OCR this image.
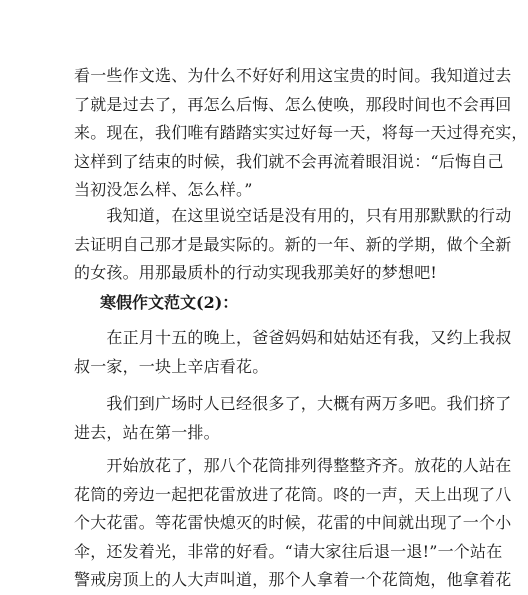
看一些作文选、为什么不好好利用这宝贵的时间。我知道过去
了就是过去了，再怎么后悔、怎么使唤，那段时间也不会再回
来。现在，我们唯有踏踏实实过好每一天，将每一天过得充实，
这样到了结束的时候，我们就不会再流着眼泪说：“后悔自己
当初没怎么样、怎么样。”
　　我知道，在这里说空话是没有用的，只有用那默默的行动
去证明自己那才是最实际的。新的一年、新的学期，做个全新
的女孩。用那最质朴的行动实现我那美好的梦想吧!
寒假作文范文(2)：
　　在正月十五的晚上，爸爸妈妈和姑姑还有我，又约上我叔
叔一家，一块上辛店看花。
　　我们到广场时人已经很多了，大概有两万多吧。我们挤了
进去，站在第一排。
　　开始放花了，那八个花筒排列得整整齐齐。放花的人站在
花筒的旁边一起把花雷放进了花筒。咚的一声，天上出现了八
个大花雷。等花雷快熄灭的时候，花雷的中间就出现了一个小
伞，还发着光，非常的好看。“请大家往后退一退!”一个站在
警戒房顶上的人大声叫道，那个人拿着一个花筒炮，他拿着花
